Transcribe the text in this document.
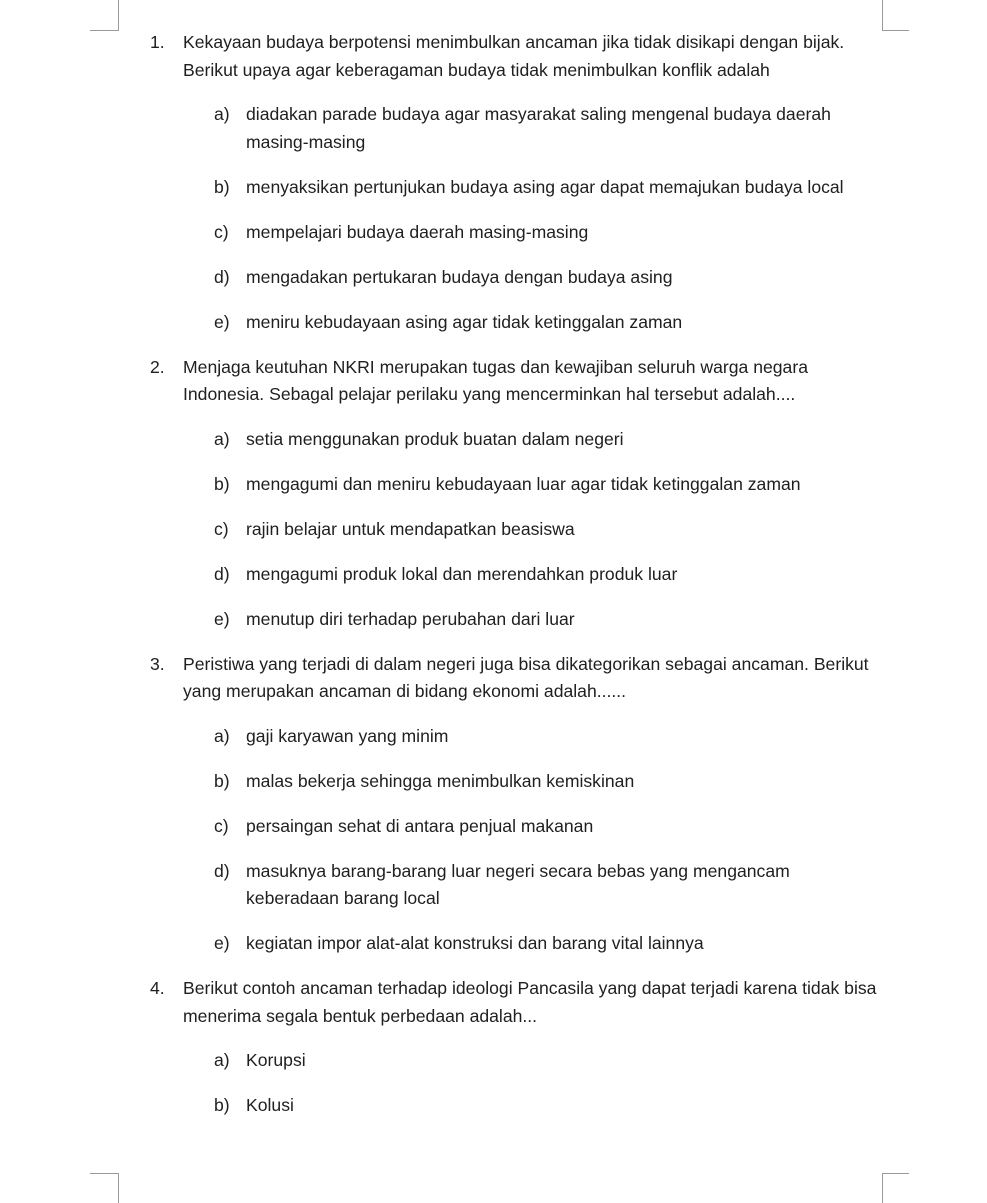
1. Kekayaan budaya berpotensi menimbulkan ancaman jika tidak disikapi dengan bijak. Berikut upaya agar keberagaman budaya tidak menimbulkan konflik adalah
a) diadakan parade budaya agar masyarakat saling mengenal budaya daerah masing-masing
b) menyaksikan pertunjukan budaya asing agar dapat memajukan budaya local
c) mempelajari budaya daerah masing-masing
d) mengadakan pertukaran budaya dengan budaya asing
e) meniru kebudayaan asing agar tidak ketinggalan zaman
2. Menjaga keutuhan NKRI merupakan tugas dan kewajiban seluruh warga negara Indonesia. Sebagal pelajar perilaku yang mencerminkan hal tersebut adalah....
a) setia menggunakan produk buatan dalam negeri
b) mengagumi dan meniru kebudayaan luar agar tidak ketinggalan zaman
c) rajin belajar untuk mendapatkan beasiswa
d) mengagumi produk lokal dan merendahkan produk luar
e) menutup diri terhadap perubahan dari luar
3. Peristiwa yang terjadi di dalam negeri juga bisa dikategorikan sebagai ancaman. Berikut yang merupakan ancaman di bidang ekonomi adalah......
a) gaji karyawan yang minim
b) malas bekerja sehingga menimbulkan kemiskinan
c) persaingan sehat di antara penjual makanan
d) masuknya barang-barang luar negeri secara bebas yang mengancam keberadaan barang local
e) kegiatan impor alat-alat konstruksi dan barang vital lainnya
4. Berikut contoh ancaman terhadap ideologi Pancasila yang dapat terjadi karena tidak bisa menerima segala bentuk perbedaan adalah...
a) Korupsi
b) Kolusi
